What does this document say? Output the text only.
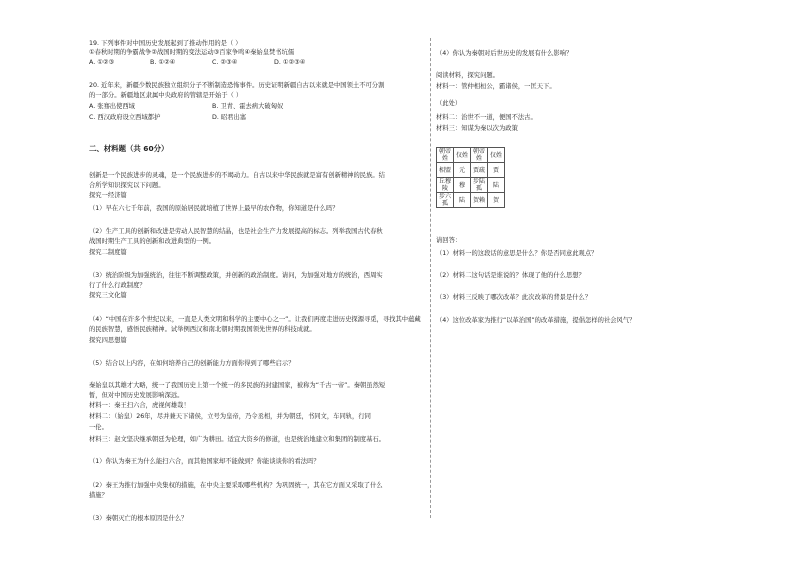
19. 下列事件对中国历史发展起到了推动作用的是（ ）
①春秋时期的争霸战争②战国时期的变法运动③百家争鸣④秦始皇焚书坑儒
A. ①②③	B. ①②④	C. ②③④	D. ①②③④
20. 近年来，新疆少数民族独立组织分子不断制造恐怖事件。历史证明新疆自古以来就是中国领土不可分割
的一部分。新疆地区隶属中央政府的管辖是开始于（ ）
A. 张骞出使西域	B. 卫青、霍去病大破匈奴
C. 西汉政府设立西域都护	D. 昭君出塞
二、材料题（共 60分）
创新是一个民族进步的灵魂，是一个民族进步的不竭动力。自古以来中华民族就是富有创新精神的民族。结
合所学知识探究以下问题。
探究一经济篇
（1）早在六七千年前，我国的原始居民就培植了世界上最早的农作物，你知道是什么吗？
（2）生产工具的创新和改进是劳动人民智慧的结晶，也是社会生产力发展提高的标志。列举我国古代春秋
战国时期生产工具的创新和改进典型的一例。
探究二制度篇
（3）统治阶级为加强统治，往往不断调整政策，并创新的政治制度。请问，为加强对地方的统治，西周实
行了什么行政制度？
探究三文化篇
（4）“中国在许多个世纪以来，一直是人类文明和科学的主要中心之一”。让我们再度走进历史探源寻觅，寻找其中蕴藏
的民族智慧，感悟民族精神。试举例西汉和南北朝时期我国领先世界的科技成就。
探究四思想篇
（5）结合以上内容，在如何培养自己的创新能力方面你得到了哪些启示？
秦始皇以其雄才大略，统一了我国历史上第一个统一的多民族的封建国家，被称为“千古一帝”。秦朝虽然短
暂，但对中国历史发展影响深远。
材料一：秦王扫六合，虎视何雄哉！
材料二：（始皇）26年，尽并兼天下诸侯，立号为皇帝，乃令丞相，并为朝廷，书同文，车同轨，行同
一伦。
材料三：赵文坚决继承朝廷为伦理，如广为耕田。适宜大资乡的修道，也是统治地建立和集团的制度基石。
（1）你认为秦王为什么能扫六合，而其他国家却不能做到？你能谈谈你的看法吗？
（2）秦王为推行加强中央集权的措施，在中央主要采取哪些机构？为巩固统一，其在它方面又采取了什么
措施？
（3）秦朝灭亡的根本原因是什么？
（4）你认为秦朝对后世历史的发展有什么影响？
阅读材料，探究问题。
材料一：管仲相桓公，霸诸侯，一匡天下。
（此处）
材料二：治世不一道，便国不法古。
材料三：知谋为秦以次为政策
朝帝姓	仅姓	朝帝姓	仅姓
相盟	元	贾疏	贾
丘穆陵	穆	步陆孤	陆
步六孤	陆	贺赖	贺
请回答：
（1）材料一的这段话的意思是什么？你是否同意此观点？
（2）材料二这句话是谁说的？体现了他的什么思想？
（3）材料三反映了哪次改革？此次改革的背景是什么？
（4）这位改革家为推行“以革治国”的改革措施，提倡怎样的社会风气？
